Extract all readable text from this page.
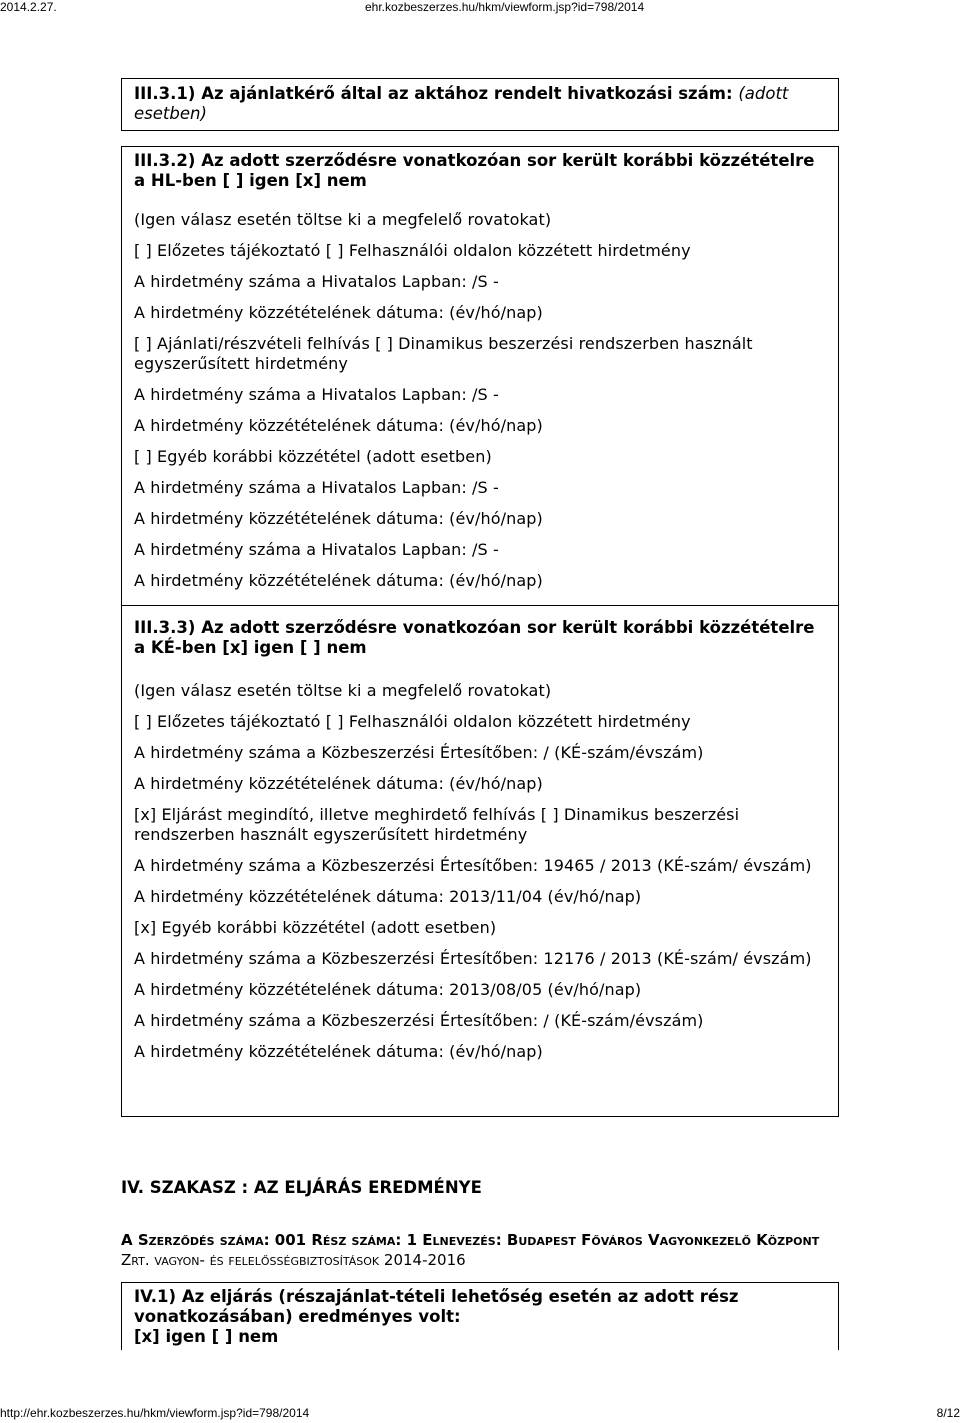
2014.2.27.	ehr.kozbeszerzes.hu/hkm/viewform.jsp?id=798/2014
III.3.1) Az ajánlatkérő által az aktához rendelt hivatkozási szám: (adott esetben)
III.3.2) Az adott szerződésre vonatkozóan sor került korábbi közzétételre a HL-ben [ ] igen [x] nem
(Igen válasz esetén töltse ki a megfelelő rovatokat)
[ ] Előzetes tájékoztató [ ] Felhasználói oldalon közzétett hirdetmény
A hirdetmény száma a Hivatalos Lapban: /S -
A hirdetmény közzétételének dátuma: (év/hó/nap)
[ ] Ajánlati/részvételi felhívás [ ] Dinamikus beszerzési rendszerben használt egyszerűsített hirdetmény
A hirdetmény száma a Hivatalos Lapban: /S -
A hirdetmény közzétételének dátuma: (év/hó/nap)
[ ] Egyéb korábbi közzététel (adott esetben)
A hirdetmény száma a Hivatalos Lapban: /S -
A hirdetmény közzétételének dátuma: (év/hó/nap)
A hirdetmény száma a Hivatalos Lapban: /S -
A hirdetmény közzétételének dátuma: (év/hó/nap)
III.3.3) Az adott szerződésre vonatkozóan sor került korábbi közzétételre a KÉ-ben [x] igen [ ] nem
(Igen válasz esetén töltse ki a megfelelő rovatokat)
[ ] Előzetes tájékoztató [ ] Felhasználói oldalon közzétett hirdetmény
A hirdetmény száma a Közbeszerzési Értesítőben: / (KÉ-szám/évszám)
A hirdetmény közzétételének dátuma: (év/hó/nap)
[x] Eljárást megindító, illetve meghirdető felhívás [ ] Dinamikus beszerzési rendszerben használt egyszerűsített hirdetmény
A hirdetmény száma a Közbeszerzési Értesítőben: 19465 / 2013 (KÉ-szám/ évszám)
A hirdetmény közzétételének dátuma: 2013/11/04 (év/hó/nap)
[x] Egyéb korábbi közzététel (adott esetben)
A hirdetmény száma a Közbeszerzési Értesítőben: 12176 / 2013 (KÉ-szám/ évszám)
A hirdetmény közzétételének dátuma: 2013/08/05 (év/hó/nap)
A hirdetmény száma a Közbeszerzési Értesítőben: / (KÉ-szám/évszám)
A hirdetmény közzétételének dátuma: (év/hó/nap)
IV. SZAKASZ : AZ ELJÁRÁS EREDMÉNYE
A Szerződés száma: 001 Rész száma: 1 Elnevezés: Budapest Főváros Vagyonkezelő Központ
Zrt. vagyon- és felelősségbiztosítások 2014-2016
IV.1) Az eljárás (részajánlat-tételi lehetőség esetén az adott rész vonatkozásában) eredményes volt:
[x] igen [ ] nem
http://ehr.kozbeszerzes.hu/hkm/viewform.jsp?id=798/2014	8/12
